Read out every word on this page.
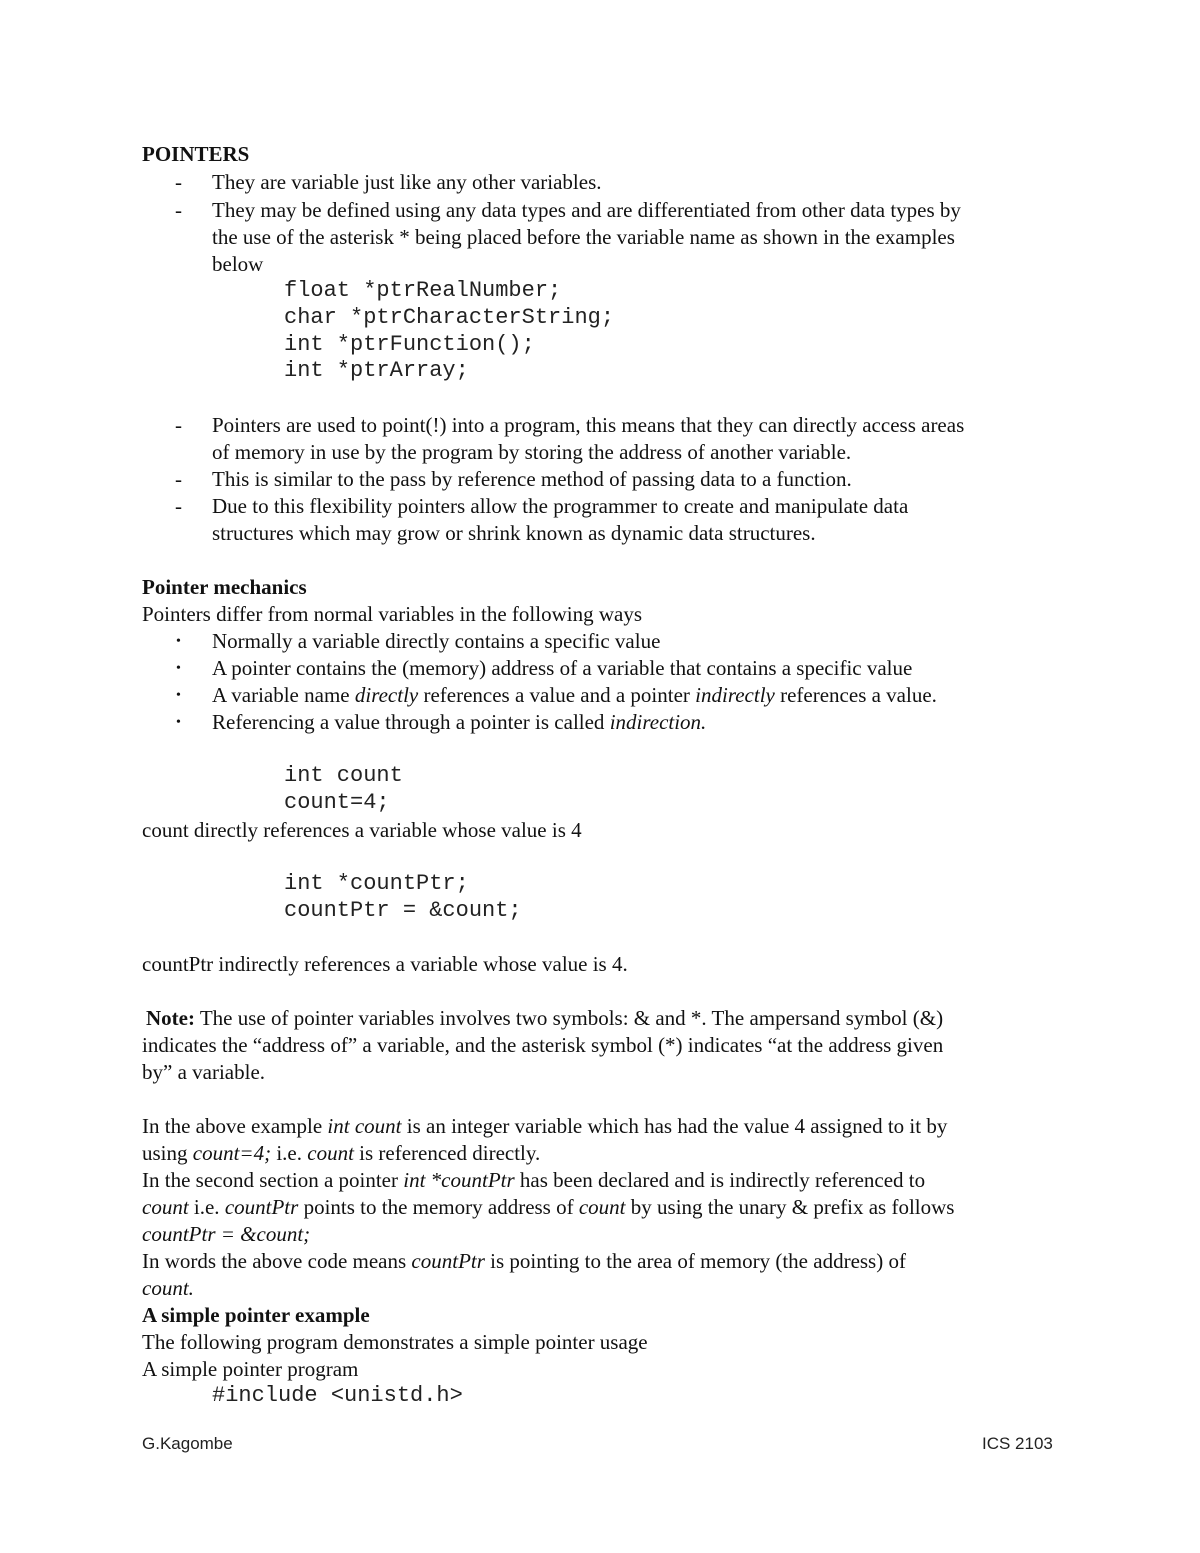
POINTERS
- They are variable just like any other variables.
- They may be defined using any data types and are differentiated from other data types by
the use of the asterisk * being placed before the variable name as shown in the examples
below
float *ptrRealNumber;
char *ptrCharacterString;
int *ptrFunction();
int *ptrArray;
- Pointers are used to point(!) into a program, this means that they can directly access areas
of memory in use by the program by storing the address of another variable.
- This is similar to the pass by reference method of passing data to a function.
- Due to this flexibility pointers allow the programmer to create and manipulate data
structures which may grow or shrink known as dynamic data structures.
Pointer mechanics
Pointers differ from normal variables in the following ways
• Normally a variable directly contains a specific value
• A pointer contains the (memory) address of a variable that contains a specific value
• A variable name directly references a value and a pointer indirectly references a value.
• Referencing a value through a pointer is called indirection.
int count
count=4;
count directly references a variable whose value is 4
int *countPtr;
countPtr = &count;
countPtr indirectly references a variable whose value is 4.
Note: The use of pointer variables involves two symbols: & and *. The ampersand symbol (&)
indicates the “address of” a variable, and the asterisk symbol (*) indicates “at the address given
by” a variable.
In the above example int count is an integer variable which has had the value 4 assigned to it by
using count=4; i.e. count is referenced directly.
In the second section a pointer int *countPtr has been declared and is indirectly referenced to
count i.e. countPtr points to the memory address of count by using the unary & prefix as follows
countPtr = &count;
In words the above code means countPtr is pointing to the area of memory (the address) of
count.
A simple pointer example
The following program demonstrates a simple pointer usage
A simple pointer program
#include <unistd.h>
G.Kagombe	ICS 2103
